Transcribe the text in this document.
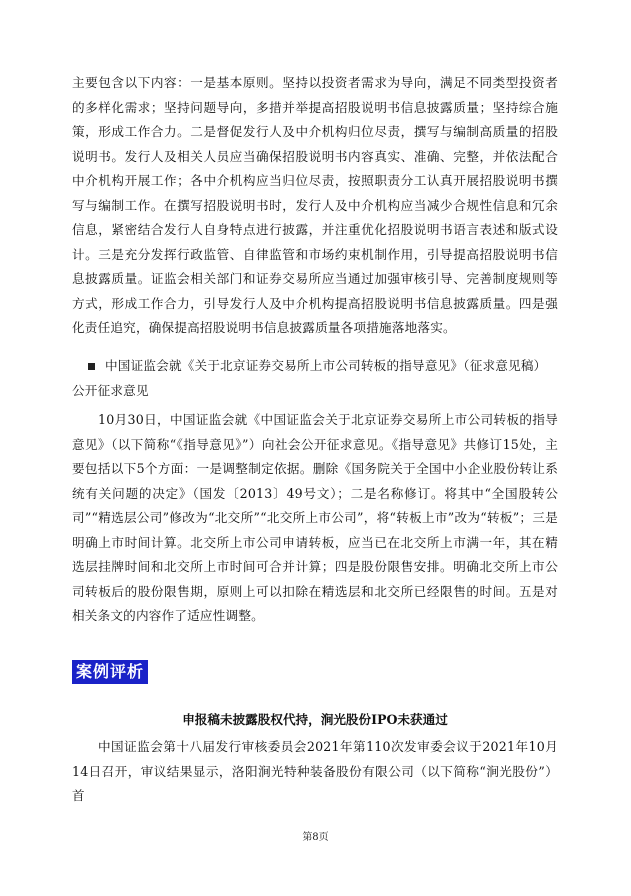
主要包含以下内容：一是基本原则。坚持以投资者需求为导向，满足不同类型投资者的多样化需求；坚持问题导向，多措并举提高招股说明书信息披露质量；坚持综合施策，形成工作合力。二是督促发行人及中介机构归位尽责，撰写与编制高质量的招股说明书。发行人及相关人员应当确保招股说明书内容真实、准确、完整，并依法配合中介机构开展工作；各中介机构应当归位尽责，按照职责分工认真开展招股说明书撰写与编制工作。在撰写招股说明书时，发行人及中介机构应当减少合规性信息和冗余信息，紧密结合发行人自身特点进行披露，并注重优化招股说明书语言表述和版式设计。三是充分发挥行政监管、自律监管和市场约束机制作用，引导提高招股说明书信息披露质量。证监会相关部门和证券交易所应当通过加强审核引导、完善制度规则等方式，形成工作合力，引导发行人及中介机构提高招股说明书信息披露质量。四是强化责任追究，确保提高招股说明书信息披露质量各项措施落地落实。
中国证监会就《关于北京证券交易所上市公司转板的指导意见》（征求意见稿）公开征求意见
10月30日，中国证监会就《中国证监会关于北京证券交易所上市公司转板的指导意见》（以下简称“《指导意见》”）向社会公开征求意见。《指导意见》共修订15处，主要包括以下5个方面：一是调整制定依据。删除《国务院关于全国中小企业股份转让系统有关问题的决定》（国发〔2013〕49号文）；二是名称修订。将其中“全国股转公司”“精选层公司”修改为“北交所”“北交所上市公司”，将“转板上市”改为“转板”；三是明确上市时间计算。北交所上市公司申请转板，应当已在北交所上市满一年，其在精选层挂牌时间和北交所上市时间可合并计算；四是股份限售安排。明确北交所上市公司转板后的股份限售期，原则上可以扣除在精选层和北交所已经限售的时间。五是对相关条文的内容作了适应性调整。
案例评析
申报稿未披露股权代持，涧光股份IPO未获通过
中国证监会第十八届发行审核委员会2021年第110次发审委会议于2021年10月14日召开，审议结果显示，洛阳涧光特种装备股份有限公司（以下简称“涧光股份”）首
第8页
